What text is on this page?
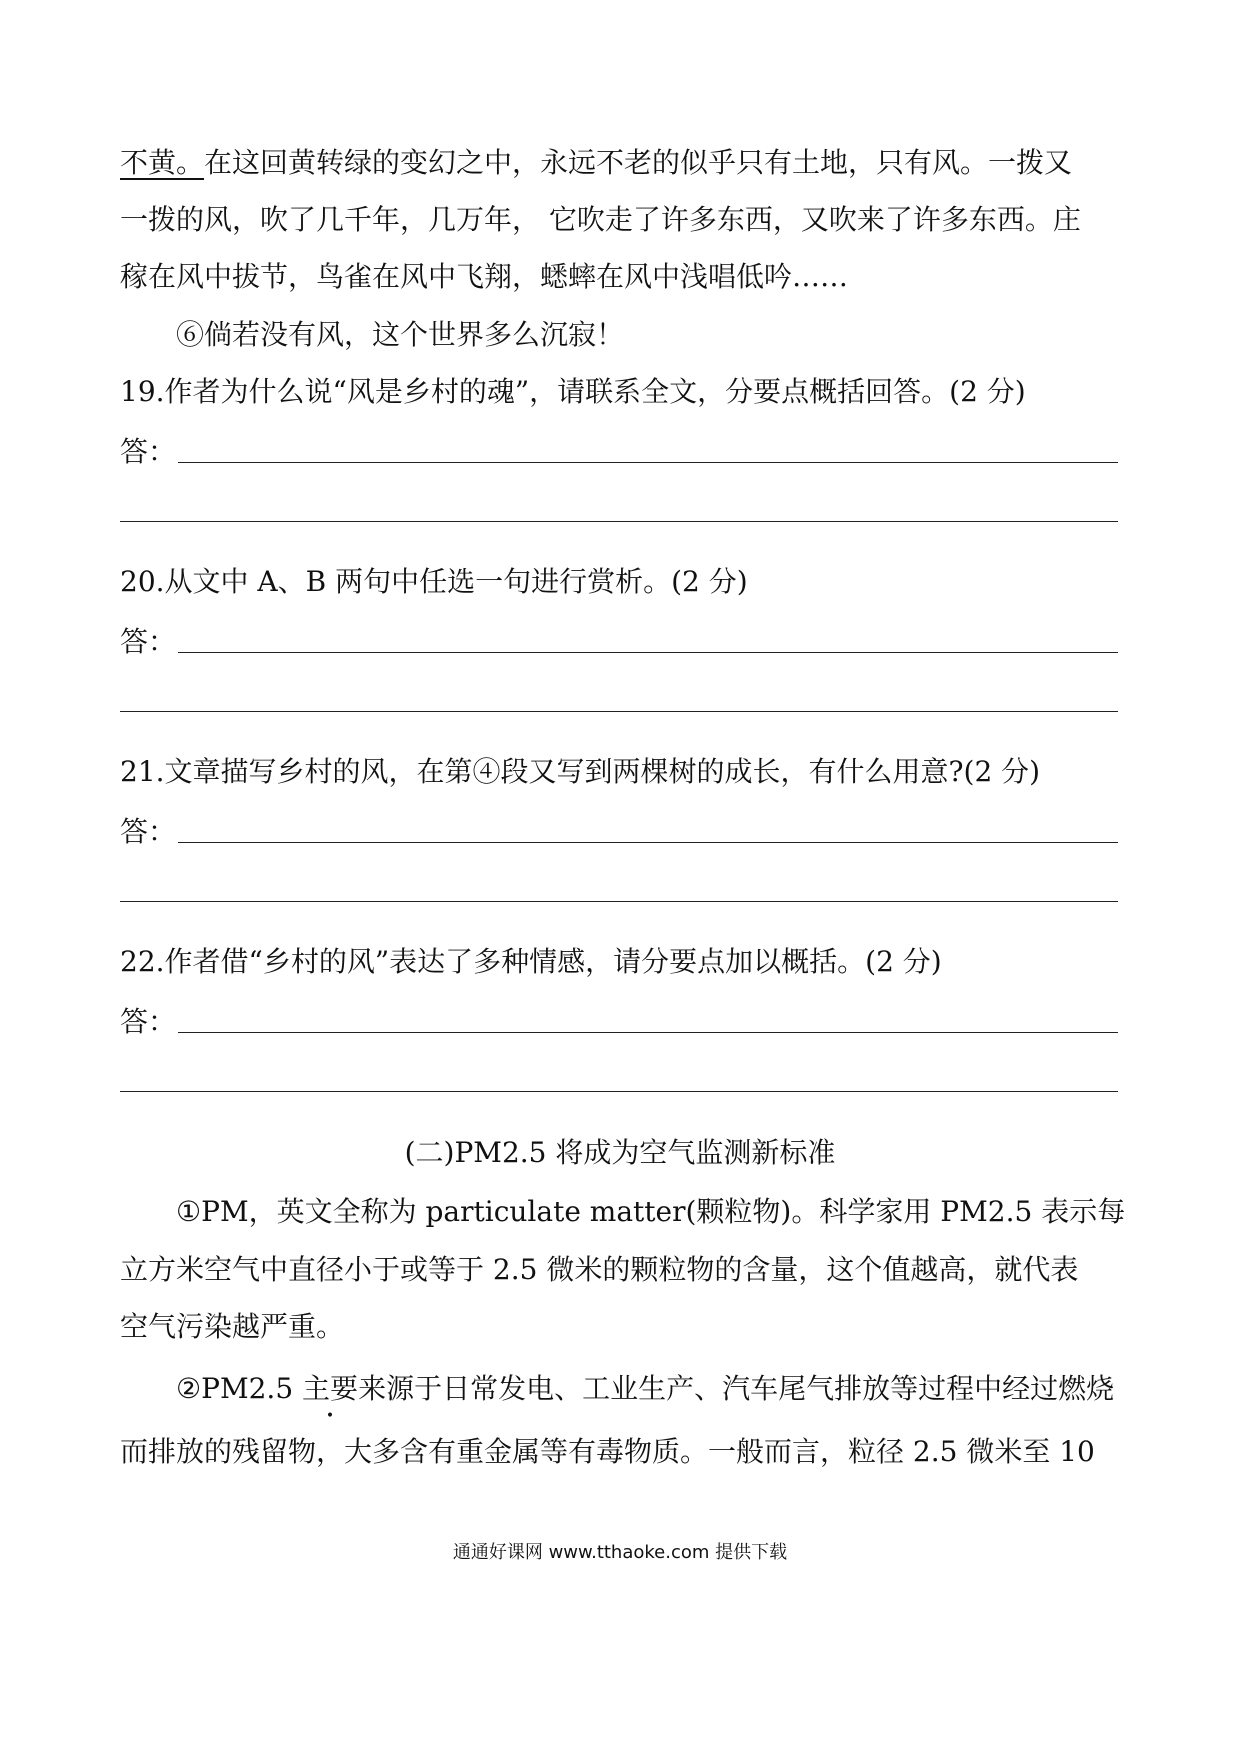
不黄。在这回黄转绿的变幻之中，永远不老的似乎只有土地，只有风。一拨又
一拨的风，吹了几千年，几万年， 它吹走了许多东西，又吹来了许多东西。庄
稼在风中拔节，鸟雀在风中飞翔，蟋蟀在风中浅唱低吟……
⑥倘若没有风，这个世界多么沉寂！
19.作者为什么说“风是乡村的魂”，请联系全文，分要点概括回答。(2 分)
答：
20.从文中 A、B 两句中任选一句进行赏析。(2 分)
答：
21.文章描写乡村的风，在第④段又写到两棵树的成长，有什么用意?(2 分)
答：
22.作者借“乡村的风”表达了多种情感，请分要点加以概括。(2 分)
答：
(二)PM2.5 将成为空气监测新标准
①PM，英文全称为 particulate matter(颗粒物)。科学家用 PM2.5 表示每
立方米空气中直径小于或等于 2.5 微米的颗粒物的含量，这个值越高，就代表
空气污染越严重。
②PM2.5 主要来源于日常发电、工业生产、汽车尾气排放等过程中经过燃烧
而排放的残留物，大多含有重金属等有毒物质。一般而言，粒径 2.5 微米至 10
通通好课网 www.tthaoke.com 提供下载
